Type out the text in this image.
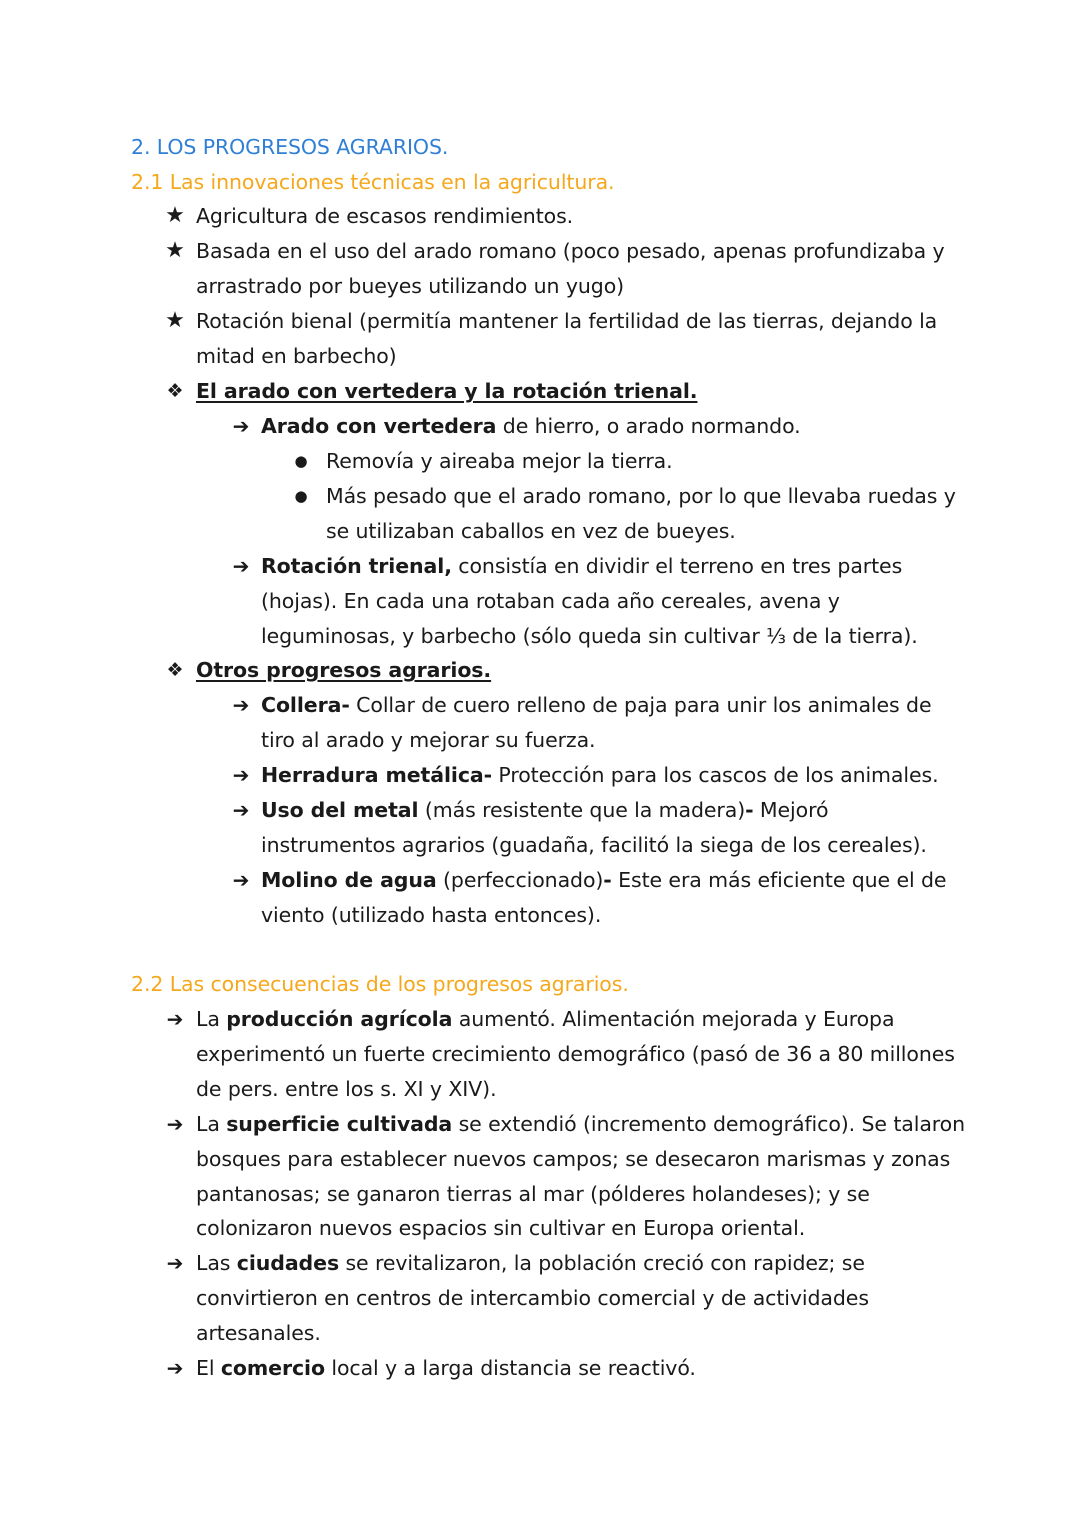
2. LOS PROGRESOS AGRARIOS.

2.1 Las innovaciones técnicas en la agricultura.

★ Agricultura de escasos rendimientos.

★ Basada en el uso del arado romano (poco pesado, apenas profundizaba y

arrastrado por bueyes utilizando un yugo)

★ Rotación bienal (permitía mantener la fertilidad de las tierras, dejando la

mitad en barbecho)

❖ El arado con vertedera y la rotación trienal.

➔ Arado con vertedera de hierro, o arado normando.

● Removía y aireaba mejor la tierra.

● Más pesado que el arado romano, por lo que llevaba ruedas y

se utilizaban caballos en vez de bueyes.

➔ Rotación trienal, consistía en dividir el terreno en tres partes

(hojas). En cada una rotaban cada año cereales, avena y

leguminosas, y barbecho (sólo queda sin cultivar ⅓ de la tierra).

❖ Otros progresos agrarios.

➔ Collera- Collar de cuero relleno de paja para unir los animales de

tiro al arado y mejorar su fuerza.

➔ Herradura metálica- Protección para los cascos de los animales.

➔ Uso del metal (más resistente que la madera)- Mejoró

instrumentos agrarios (guadaña, facilitó la siega de los cereales).

➔ Molino de agua (perfeccionado)- Este era más eficiente que el de

viento (utilizado hasta entonces).

2.2 Las consecuencias de los progresos agrarios.

➔ La producción agrícola aumentó. Alimentación mejorada y Europa

experimentó un fuerte crecimiento demográfico (pasó de 36 a 80 millones

de pers. entre los s. XI y XIV).

➔ La superficie cultivada se extendió (incremento demográfico). Se talaron

bosques para establecer nuevos campos; se desecaron marismas y zonas

pantanosas; se ganaron tierras al mar (pólderes holandeses); y se

colonizaron nuevos espacios sin cultivar en Europa oriental.

➔ Las ciudades se revitalizaron, la población creció con rapidez; se

convirtieron en centros de intercambio comercial y de actividades

artesanales.

➔ El comercio local y a larga distancia se reactivó.
